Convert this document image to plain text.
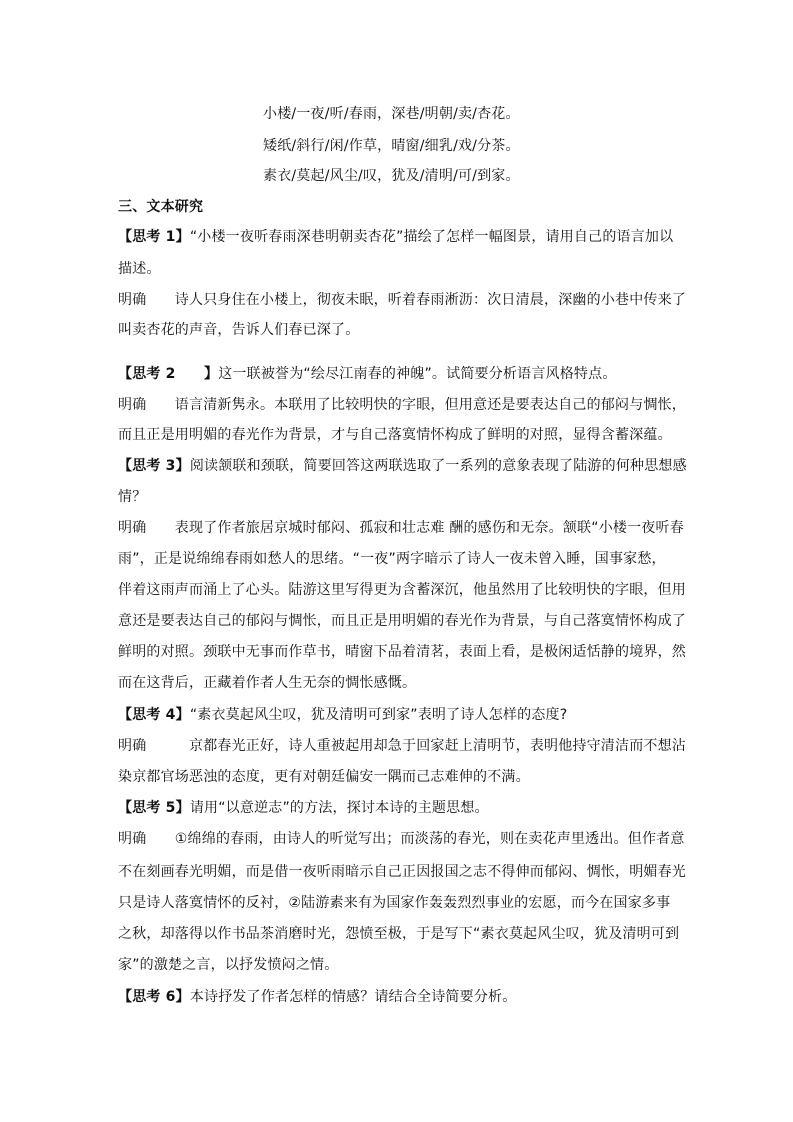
小楼/一夜/听/春雨，深巷/明朝/卖/杏花。
矮纸/斜行/闲/作草，晴窗/细乳/戏/分茶。
素衣/莫起/风尘/叹，犹及/清明/可/到家。
三、文本研究
【思考 1】“小楼一夜听春雨深巷明朝卖杏花”描绘了怎样一幅图景，请用自己的语言加以
描述。
明确　　诗人只身住在小楼上，彻夜未眠，听着春雨淅沥：次日清晨，深幽的小巷中传来了
叫卖杏花的声音，告诉人们春已深了。
【思考 2　　】这一联被誉为“绘尽江南春的神魄”。试简要分析语言风格特点。
明确　　语言清新隽永。本联用了比较明快的字眼，但用意还是要表达自己的郁闷与惆怅，
而且正是用明媚的春光作为背景，才与自己落寞情怀构成了鲜明的对照，显得含蓄深蕴。
【思考 3】阅读颔联和颈联，简要回答这两联选取了一系列的意象表现了陆游的何种思想感
情？
明确　　表现了作者旅居京城时郁闷、孤寂和壮志难 酬的感伤和无奈。颔联“小楼一夜听春
雨”，正是说绵绵春雨如愁人的思绪。“一夜”两字暗示了诗人一夜未曾入睡，国事家愁，
伴着这雨声而涌上了心头。陆游这里写得更为含蓄深沉，他虽然用了比较明快的字眼，但用
意还是要表达自己的郁闷与惆怅，而且正是用明媚的春光作为背景，与自己落寞情怀构成了
鲜明的对照。颈联中无事而作草书，晴窗下品着清茗，表面上看，是极闲适恬静的境界，然
而在这背后，正藏着作者人生无奈的惆怅感慨。
【思考 4】“素衣莫起风尘叹，犹及清明可到家”表明了诗人怎样的态度?
明确　　　京都春光正好，诗人重被起用却急于回家赶上清明节，表明他持守清洁而不想沾
染京都官场恶浊的态度，更有对朝廷偏安一隅而己志难伸的不满。
【思考 5】请用“以意逆志”的方法，探讨本诗的主题思想。
明确　　①绵绵的春雨，由诗人的听觉写出；而淡荡的春光，则在卖花声里透出。但作者意
不在刻画春光明媚，而是借一夜听雨暗示自己正因报国之志不得伸而郁闷、惆怅，明媚春光
只是诗人落寞情怀的反衬，②陆游素来有为国家作轰轰烈烈事业的宏愿，而今在国家多事
之秋，却落得以作书品茶消磨时光，怨愤至极，于是写下“素衣莫起风尘叹，犹及清明可到
家”的激楚之言，以抒发愤闷之情。
【思考 6】本诗抒发了作者怎样的情感？请结合全诗简要分析。
